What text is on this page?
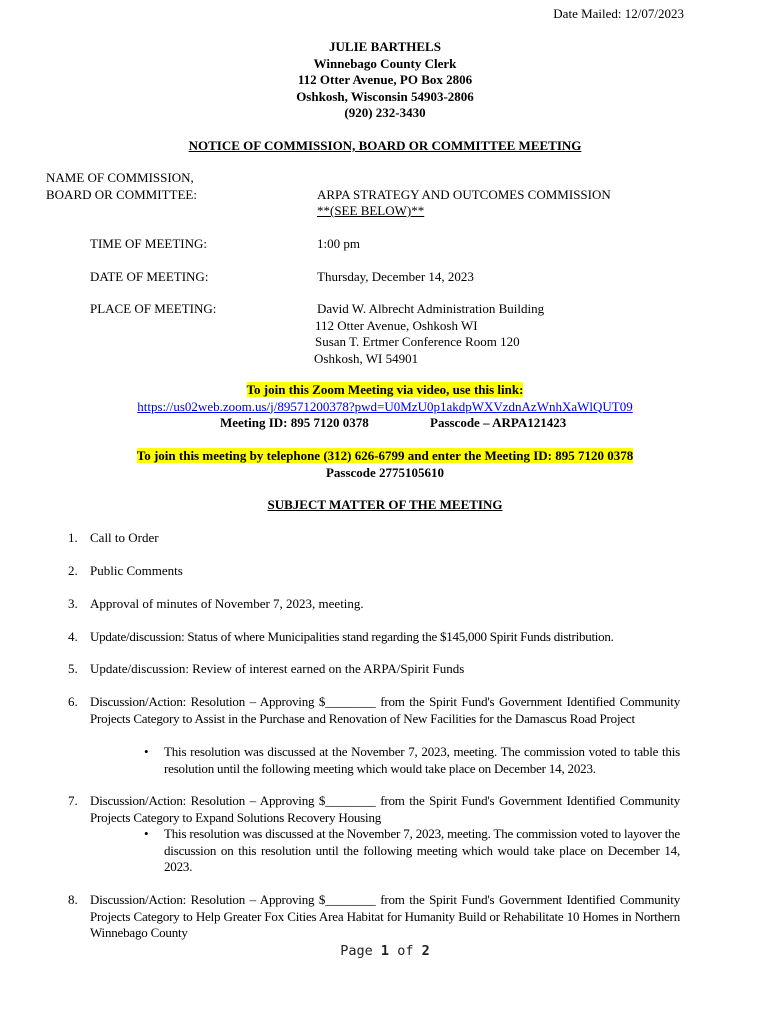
Date Mailed: 12/07/2023
JULIE BARTHELS
Winnebago County Clerk
112 Otter Avenue, PO Box 2806
Oshkosh, Wisconsin 54903-2806
(920) 232-3430
NOTICE OF COMMISSION, BOARD OR COMMITTEE MEETING
NAME OF COMMISSION,
BOARD OR COMMITTEE:	ARPA STRATEGY AND OUTCOMES COMMISSION
**(SEE BELOW)**
TIME OF MEETING:	1:00 pm
DATE OF MEETING:	Thursday, December 14, 2023
PLACE OF MEETING:	David W. Albrecht Administration Building
112 Otter Avenue, Oshkosh WI
Susan T. Ertmer Conference Room 120
Oshkosh, WI 54901
To join this Zoom Meeting via video, use this link:
https://us02web.zoom.us/j/89571200378?pwd=U0MzU0p1akdpWXVzdnAzWnhXaWlQUT09
Meeting ID: 895 7120 0378	Passcode – ARPA121423
To join this meeting by telephone (312) 626-6799 and enter the Meeting ID: 895 7120 0378
Passcode 2775105610
SUBJECT MATTER OF THE MEETING
1. Call to Order
2. Public Comments
3. Approval of minutes of November 7, 2023, meeting.
4. Update/discussion: Status of where Municipalities stand regarding the $145,000 Spirit Funds distribution.
5. Update/discussion: Review of interest earned on the ARPA/Spirit Funds
6. Discussion/Action: Resolution – Approving $________ from the Spirit Fund's Government Identified Community Projects Category to Assist in the Purchase and Renovation of New Facilities for the Damascus Road Project
• This resolution was discussed at the November 7, 2023, meeting. The commission voted to table this resolution until the following meeting which would take place on December 14, 2023.
7. Discussion/Action: Resolution – Approving $________ from the Spirit Fund's Government Identified Community Projects Category to Expand Solutions Recovery Housing
• This resolution was discussed at the November 7, 2023, meeting. The commission voted to layover the discussion on this resolution until the following meeting which would take place on December 14, 2023.
8. Discussion/Action: Resolution – Approving $________ from the Spirit Fund's Government Identified Community Projects Category to Help Greater Fox Cities Area Habitat for Humanity Build or Rehabilitate 10 Homes in Northern Winnebago County
Page 1 of 2
